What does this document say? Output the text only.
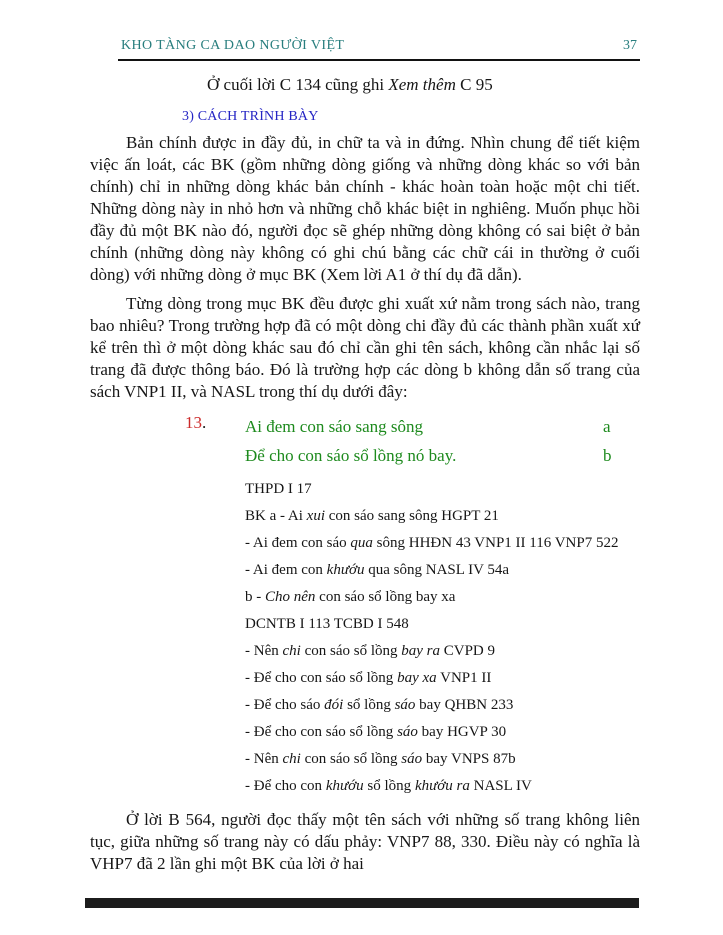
KHO TÀNG CA DAO NGƯỜI VIỆT	37

Ở cuối lời C 134 cũng ghi Xem thêm C 95

3) CÁCH TRÌNH BÀY

Bản chính được in đầy đủ, in chữ ta và in đứng. Nhìn chung để tiết kiệm việc ấn loát, các BK (gồm những dòng giống và những dòng khác so với bản chính) chỉ in những dòng khác bản chính - khác hoàn toàn hoặc một chi tiết. Những dòng này in nhỏ hơn và những chỗ khác biệt in nghiêng. Muốn phục hồi đầy đủ một BK nào đó, người đọc sẽ ghép những dòng không có sai biệt ở bản chính (những dòng này không có ghi chú bằng các chữ cái in thường ở cuối dòng) với những dòng ở mục BK (Xem lời A1 ở thí dụ đã dẫn).

Từng dòng trong mục BK đều được ghi xuất xứ nằm trong sách nào, trang bao nhiêu? Trong trường hợp đã có một dòng chi đầy đủ các thành phần xuất xứ kể trên thì ở một dòng khác sau đó chỉ cần ghi tên sách, không cần nhắc lại số trang đã được thông báo. Đó là trường hợp các dòng b không dẫn số trang của sách VNP1 II, và NASL trong thí dụ dưới đây:

13. Ai đem con sáo sang sông	a
Để cho con sáo sổ lồng nó bay.	b
THPD I 17
BK a - Ai xui con sáo sang sông HGPT 21
- Ai đem con sáo qua sông HHĐN 43 VNP1 II 116 VNP7 522
- Ai đem con khướu qua sông NASL IV 54a
b - Cho nên con sáo sổ lồng bay xa
DCNTB I 113 TCBD I 548
- Nên chi con sáo sổ lồng bay ra CVPD 9
- Để cho con sáo sổ lồng bay xa VNP1 II
- Để cho sáo đói sổ lồng sáo bay QHBN 233
- Để cho con sáo sổ lồng sáo bay HGVP 30
- Nên chi con sáo sổ lồng sáo bay VNPS 87b
- Để cho con khướu sổ lồng khướu ra NASL IV

Ở lời B 564, người đọc thấy một tên sách với những số trang không liên tục, giữa những số trang này có dấu phảy: VNP7 88, 330. Điều này có nghĩa là VHP7 đã 2 lần ghi một BK của lời ở hai
